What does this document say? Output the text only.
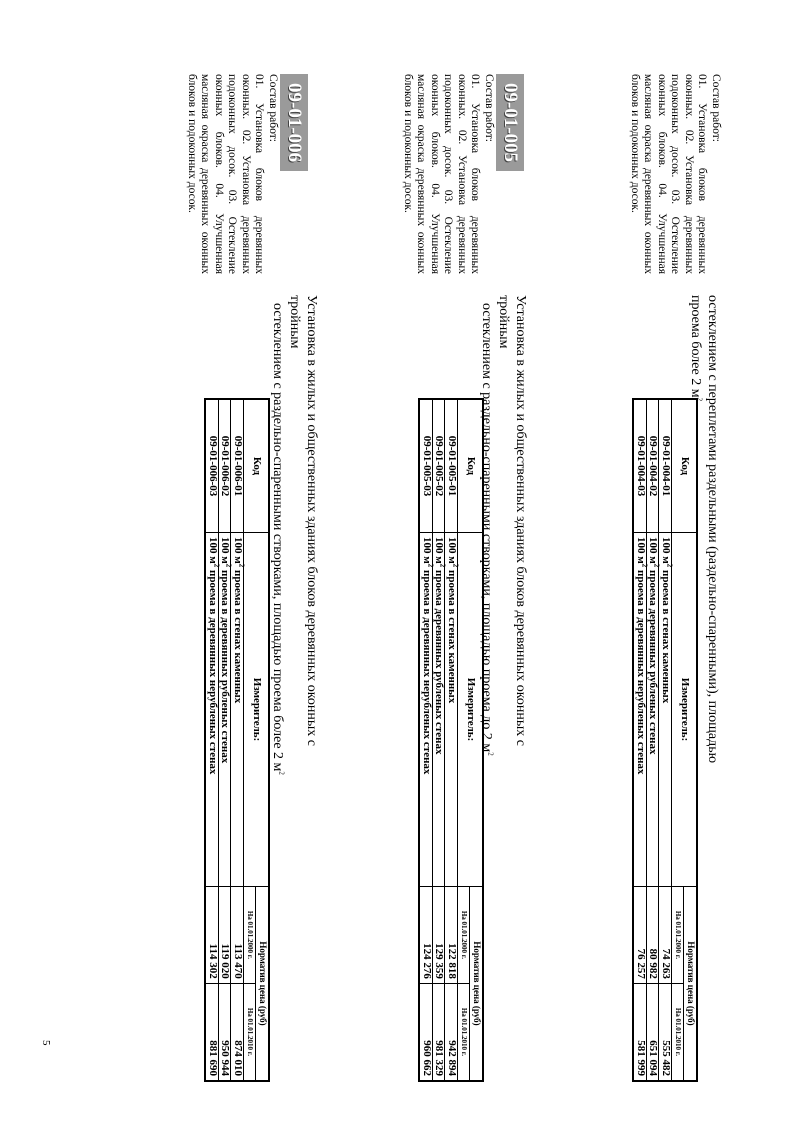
Состав работ:

01. Установка блоков деревянных оконных. 02. Установка деревянных подоконных досок. 03. Остекление оконных блоков. 04. Улучшенная масляная окраска деревянных оконных блоков и подоконных досок.

остеклением с переплетами раздельными (раздельно-спаренными), площадью проема более 2 $м^2$
Код	Измеритель:	Норматив цена (руб)	
		На 01.01.2000 г.	На 01.01.2010 г.
09-01-004-01	100 $м^2$ проема в стенах каменных	74 263	555 482
09-01-004-02	100 $м^2$ проема деревянных рубленых стенах	80 982	651 094
09-01-004-03	100 $м^2$ проема в деревянных нерубленых стенах	76 257	581 999
09-01-005

Состав работ:

01. Установка блоков деревянных оконных. 02. Установка деревянных подоконных досок. 03. Остекление оконных блоков. 04. Улучшенная масляная окраска деревянных оконных блоков и подоконных досок.

Установка в жилых и общественных зданиях блоков деревянных оконных с тройным
остеклением с раздельно-спаренными створками, площадью проема до 2 $м^2$
Код	Измеритель:	Норматив цена (руб)	
		На 01.01.2000 г.	На 01.01.2010 г.
09-01-005-01	100 $м^2$ проема в стенах каменных	122 818	942 894
09-01-005-02	100 $м^2$ проема деревянных рубленых стенах	129 359	981 329
09-01-005-03	100 $м^2$ проема в деревянных нерубленых стенах	124 276	960 662
09-01-006

Состав работ:

01. Установка блоков деревянных оконных. 02. Установка деревянных подоконных досок. 03. Остекление оконных блоков. 04. Улучшенная масляная окраска деревянных оконных блоков и подоконных досок.

Установка в жилых и общественных зданиях блоков деревянных оконных с тройным
остеклением с раздельно-спаренными створками, площадью проема более 2 $м^2$
Код	Измеритель:	Норматив цена (руб)	
		На 01.01.2000 г.	На 01.01.2010 г.
09-01-006-01	100 $м^2$ проема в стенах каменных	113 470	874 010
09-01-006-02	100 $м^2$ проема в деревянных рубленых стенах	119 020	950 944
09-01-006-03	100 $м^2$ проема в деревянных нерубленых стенах	114 302	881 690
5
